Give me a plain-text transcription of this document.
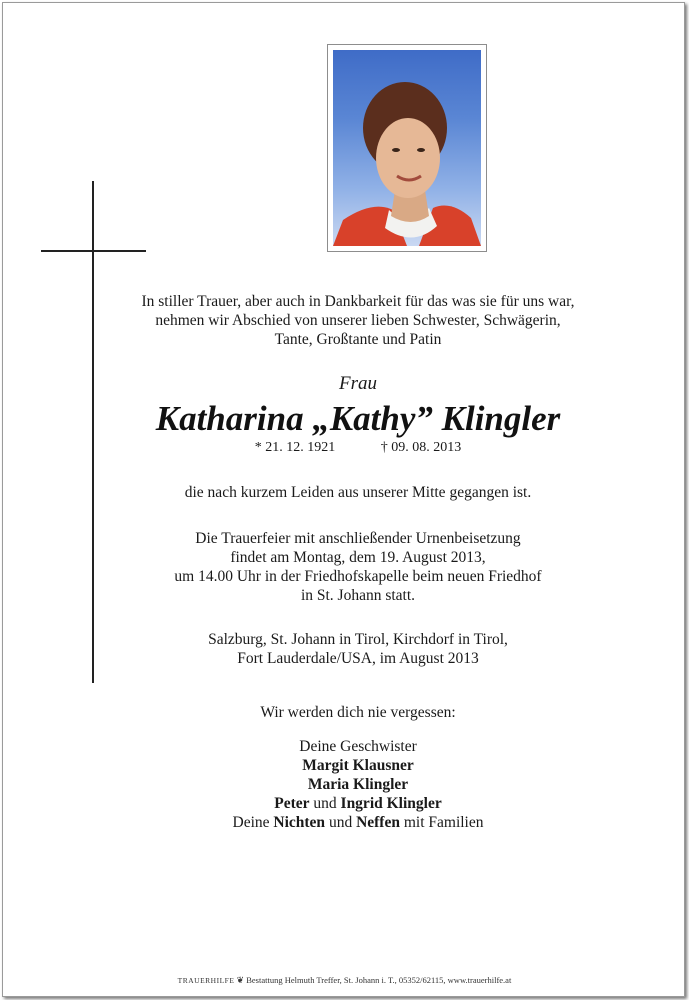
In stiller Trauer, aber auch in Dankbarkeit für das was sie für uns war,
nehmen wir Abschied von unserer lieben Schwester, Schwägerin,
Tante, Großtante und Patin
Frau
Katharina „Kathy” Klingler
* 21. 12. 1921	† 09. 08. 2013
die nach kurzem Leiden aus unserer Mitte gegangen ist.
Die Trauerfeier mit anschließender Urnenbeisetzung
findet am Montag, dem 19. August 2013,
um 14.00 Uhr in der Friedhofskapelle beim neuen Friedhof
in St. Johann statt.
Salzburg, St. Johann in Tirol, Kirchdorf in Tirol,
Fort Lauderdale/USA, im August 2013
Wir werden dich nie vergessen:
Deine Geschwister
Margit Klausner
Maria Klingler
Peter und Ingrid Klingler
Deine Nichten und Neffen mit Familien
TRAUERHILFE ❦ Bestattung Helmuth Treffer, St. Johann i. T., 05352/62115, www.trauerhilfe.at
